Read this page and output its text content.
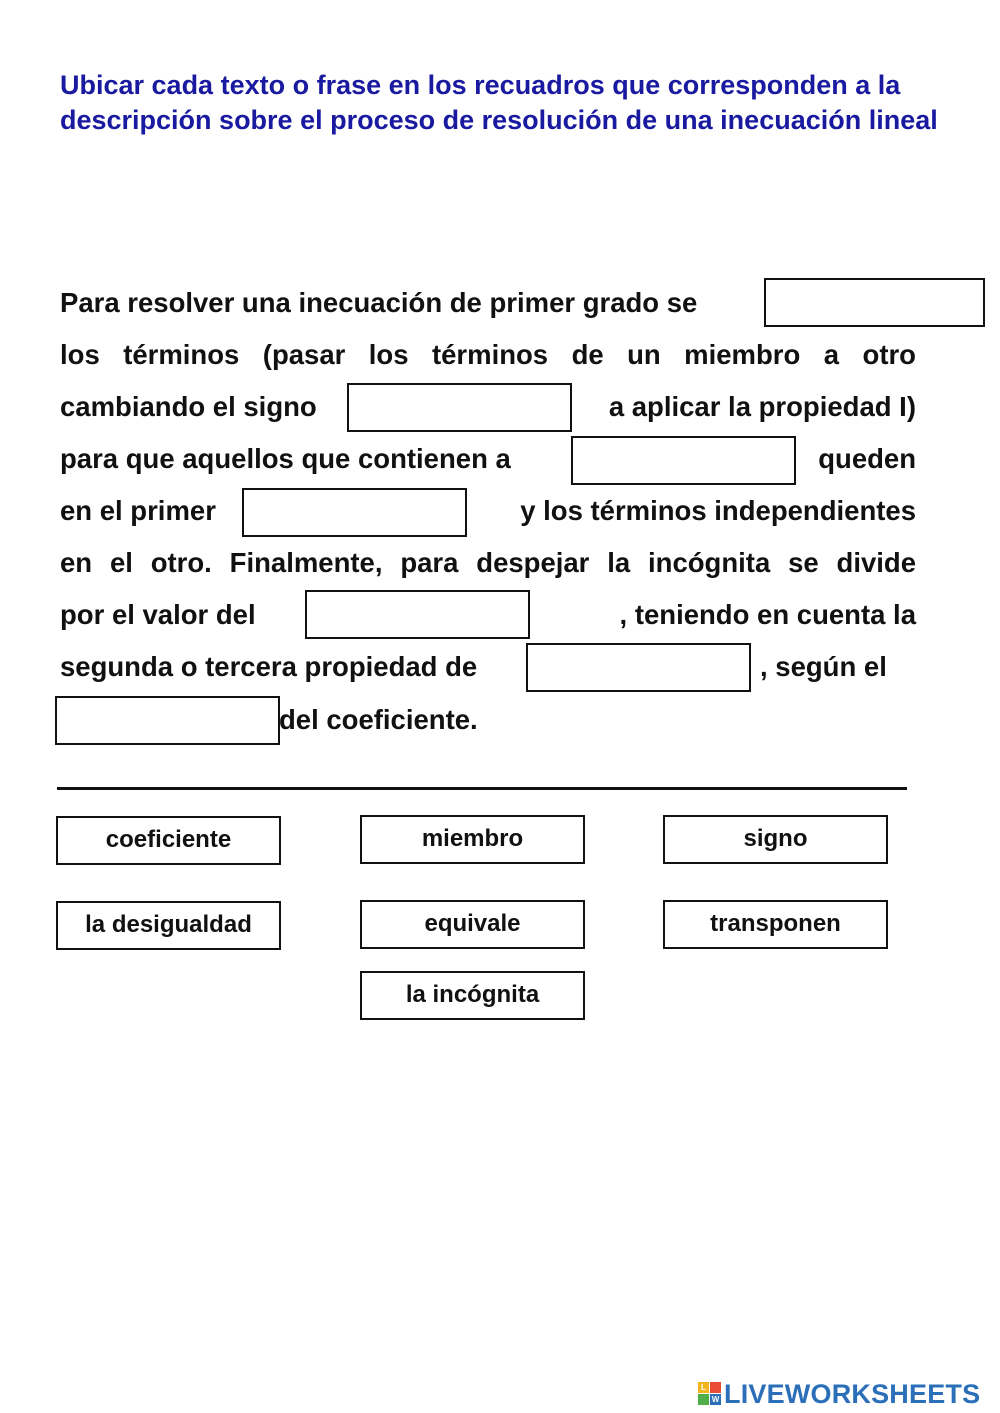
Ubicar cada texto o frase en los recuadros que corresponden a la descripción sobre el proceso de resolución de una inecuación lineal
Para resolver una inecuación de primer grado se
los términos (pasar los términos de un miembro a otro
cambiando el signo	a aplicar la propiedad I)
para que aquellos que contienen a	queden
en el primer	y los términos independientes
en el otro. Finalmente, para despejar la incógnita se divide
por el valor del	, teniendo en cuenta la
segunda o tercera propiedad de	, según el
del coeficiente.
coeficiente	miembro	signo
la desigualdad	equivale	transponen
la incógnita
L
W LIVEWORKSHEETS
